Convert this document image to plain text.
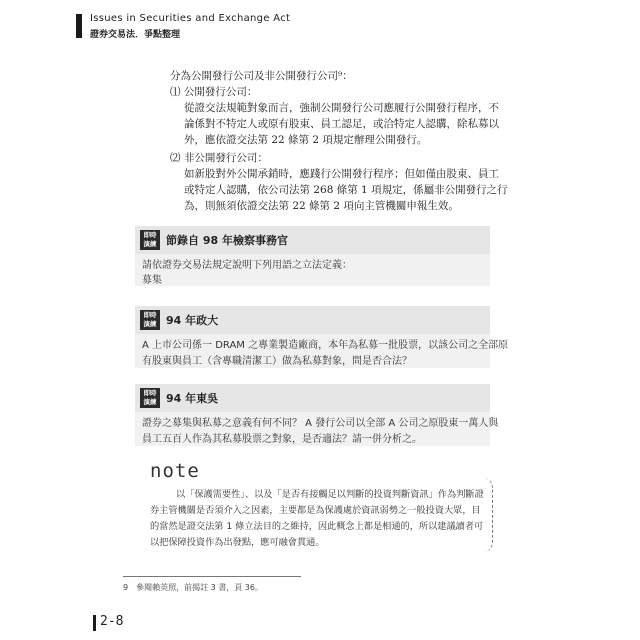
Issues in Securities and Exchange Act
證券交易法．爭點整理
分為公開發行公司及非公開發行公司⁹：
⑴ 公開發行公司：
從證交法規範對象而言，強制公開發行公司應履行公開發行程序，不
論係對不特定人或原有股東、員工認足，或洽特定人認購，除私募以
外，應依證交法第 22 條第 2 項規定辦理公開發行。
⑵ 非公開發行公司：
如新股對外公開承銷時，應踐行公開發行程序；但如僅由股東、員工
或特定人認購，依公司法第 268 條第 1 項規定，係屬非公開發行之行
為，則無須依證交法第 22 條第 2 項向主管機關申報生效。
即時
演練 節錄自 98 年檢察事務官
請依證券交易法規定說明下列用語之立法定義：
募集
即時
演練 94 年政大
A 上市公司係一 DRAM 之專業製造廠商，本年為私募一批股票，以該公司之全部原
有股東與員工（含專職清潔工）做為私募對象，問是否合法？
即時
演練 94 年東吳
證券之募集與私募之意義有何不同？ A 發行公司以全部 A 公司之原股東一萬人與
員工五百人作為其私募股票之對象，是否適法？請一併分析之。
note
以「保護需要性」、以及「是否有接觸足以判斷的投資判斷資訊」作為判斷證
券主管機關是否須介入之因素，主要都是為保護處於資訊弱勢之一般投資大眾，目
的當然是證交法第 1 條立法目的之維持，因此概念上都是相通的，所以建議讀者可
以把保障投資作為出發點，應可融會貫通。
9　參閱賴英照，前揭註 3 書，頁 36。
2-8
